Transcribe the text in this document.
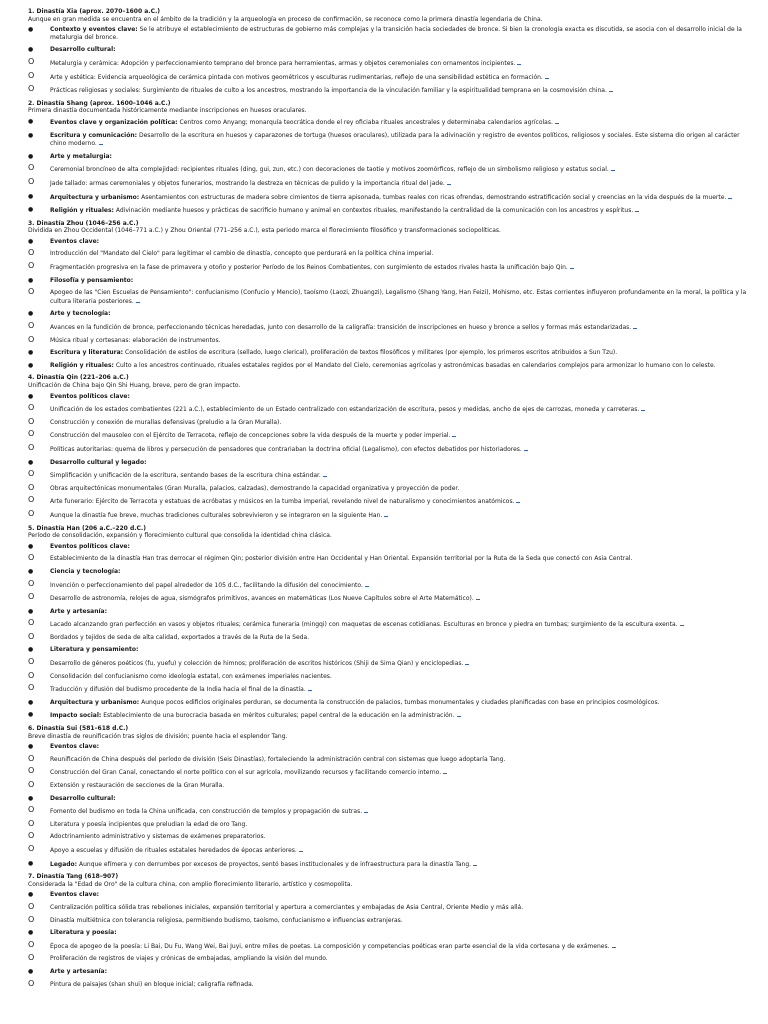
1. Dinastía Xia (aprox. 2070–1600 a.C.)
Aunque en gran medida se encuentra en el ámbito de la tradición y la arqueología en proceso de confirmación, se reconoce como la primera dinastía legendaria de China.
●	Contexto y eventos clave: Se le atribuye el establecimiento de estructuras de gobierno más complejas y la transición hacia sociedades de bronce. Si bien la cronología exacta es discutida, se asocia con el desarrollo inicial de la metalurgia del bronce.
●	Desarrollo cultural:
O	Metalurgia y cerámica: Adopción y perfeccionamiento temprano del bronce para herramientas, armas y objetos ceremoniales con ornamentos incipientes.
O	Arte y estética: Evidencia arqueológica de cerámica pintada con motivos geométricos y esculturas rudimentarias, reflejo de una sensibilidad estética en formación.
O	Prácticas religiosas y sociales: Surgimiento de rituales de culto a los ancestros, mostrando la importancia de la vinculación familiar y la espiritualidad temprana en la cosmovisión china.
2. Dinastía Shang (aprox. 1600–1046 a.C.)
Primera dinastía documentada históricamente mediante inscripciones en huesos oraculares.
●	Eventos clave y organización política: Centros como Anyang; monarquía teocrática donde el rey oficiaba rituales ancestrales y determinaba calendarios agrícolas.
●	Escritura y comunicación: Desarrollo de la escritura en huesos y caparazones de tortuga (huesos oraculares), utilizada para la adivinación y registro de eventos políticos, religiosos y sociales. Este sistema dio origen al carácter chino moderno.
●	Arte y metalurgia:
O	Ceremonial broncíneo de alta complejidad: recipientes rituales (ding, gui, zun, etc.) con decoraciones de taotie y motivos zoomórficos, reflejo de un simbolismo religioso y estatus social.
O	Jade tallado: armas ceremoniales y objetos funerarios, mostrando la destreza en técnicas de pulido y la importancia ritual del jade.
●	Arquitectura y urbanismo: Asentamientos con estructuras de madera sobre cimientos de tierra apisonada, tumbas reales con ricas ofrendas, demostrando estratificación social y creencias en la vida después de la muerte.
●	Religión y rituales: Adivinación mediante huesos y prácticas de sacrificio humano y animal en contextos rituales, manifestando la centralidad de la comunicación con los ancestros y espíritus.
3. Dinastía Zhou (1046–256 a.C.)
Dividida en Zhou Occidental (1046–771 a.C.) y Zhou Oriental (771–256 a.C.), esta periodo marca el florecimiento filosófico y transformaciones sociopolíticas.
●	Eventos clave:
O	Introducción del "Mandato del Cielo" para legitimar el cambio de dinastía, concepto que perdurará en la política china imperial.
O	Fragmentación progresiva en la fase de primavera y otoño y posterior Período de los Reinos Combatientes, con surgimiento de estados rivales hasta la unificación bajo Qin.
●	Filosofía y pensamiento:
O	Apogeo de las "Cien Escuelas de Pensamiento": confucianismo (Confucio y Mencio), taoísmo (Laozi, Zhuangzi), Legalismo (Shang Yang, Han Feizi), Mohismo, etc. Estas corrientes influyeron profundamente en la moral, la política y la cultura literaria posteriores.
●	Arte y tecnología:
O	Avances en la fundición de bronce, perfeccionando técnicas heredadas, junto con desarrollo de la caligrafía: transición de inscripciones en hueso y bronce a sellos y formas más estandarizadas.
O	Música ritual y cortesanas: elaboración de instrumentos.
●	Escritura y literatura: Consolidación de estilos de escritura (sellado, luego clerical), proliferación de textos filosóficos y militares (por ejemplo, los primeros escritos atribuidos a Sun Tzu).
●	Religión y rituales: Culto a los ancestros continuado, rituales estatales regidos por el Mandato del Cielo, ceremonias agrícolas y astronómicas basadas en calendarios complejos para armonizar lo humano con lo celeste.
4. Dinastía Qin (221–206 a.C.)
Unificación de China bajo Qin Shi Huang, breve, pero de gran impacto.
●	Eventos políticos clave:
O	Unificación de los estados combatientes (221 a.C.), establecimiento de un Estado centralizado con estandarización de escritura, pesos y medidas, ancho de ejes de carrozas, moneda y carreteras.
O	Construcción y conexión de murallas defensivas (preludio a la Gran Muralla).
O	Construcción del mausoleo con el Ejército de Terracota, reflejo de concepciones sobre la vida después de la muerte y poder imperial.
O	Políticas autoritarias: quema de libros y persecución de pensadores que contrariaban la doctrina oficial (Legalismo), con efectos debatidos por historiadores.
●	Desarrollo cultural y legado:
O	Simplificación y unificación de la escritura, sentando bases de la escritura china estándar.
O	Obras arquitectónicas monumentales (Gran Muralla, palacios, calzadas), demostrando la capacidad organizativa y proyección de poder.
O	Arte funerario: Ejército de Terracota y estatuas de acróbatas y músicos en la tumba imperial, revelando nivel de naturalismo y conocimientos anatómicos.
O	Aunque la dinastía fue breve, muchas tradiciones culturales sobrevivieron y se integraron en la siguiente Han.
5. Dinastía Han (206 a.C.–220 d.C.)
Período de consolidación, expansión y florecimiento cultural que consolida la identidad china clásica.
●	Eventos políticos clave:
O	Establecimiento de la dinastía Han tras derrocar el régimen Qin; posterior división entre Han Occidental y Han Oriental. Expansión territorial por la Ruta de la Seda que conectó con Asia Central.
●	Ciencia y tecnología:
O	Invención o perfeccionamiento del papel alrededor de 105 d.C., facilitando la difusión del conocimiento.
O	Desarrollo de astronomía, relojes de agua, sismógrafos primitivos, avances en matemáticas (Los Nueve Capítulos sobre el Arte Matemático).
●	Arte y artesanía:
O	Lacado alcanzando gran perfección en vasos y objetos rituales; cerámica funeraria (mingqi) con maquetas de escenas cotidianas. Esculturas en bronce y piedra en tumbas; surgimiento de la escultura exenta.
O	Bordados y tejidos de seda de alta calidad, exportados a través de la Ruta de la Seda.
●	Literatura y pensamiento:
O	Desarrollo de géneros poéticos (fu, yuefu) y colección de himnos; proliferación de escritos históricos (Shiji de Sima Qian) y enciclopedias.
O	Consolidación del confucianismo como ideología estatal, con exámenes imperiales nacientes.
O	Traducción y difusión del budismo procedente de la India hacia el final de la dinastía.
●	Arquitectura y urbanismo: Aunque pocos edificios originales perduran, se documenta la construcción de palacios, tumbas monumentales y ciudades planificadas con base en principios cosmológicos.
●	Impacto social: Establecimiento de una burocracia basada en méritos culturales; papel central de la educación en la administración.
6. Dinastía Sui (581–618 d.C.)
Breve dinastía de reunificación tras siglos de división; puente hacia el esplendor Tang.
●	Eventos clave:
O	Reunificación de China después del período de división (Seis Dinastías), fortaleciendo la administración central con sistemas que luego adoptaría Tang.
O	Construcción del Gran Canal, conectando el norte político con el sur agrícola, movilizando recursos y facilitando comercio interno.
O	Extensión y restauración de secciones de la Gran Muralla.
●	Desarrollo cultural:
O	Fomento del budismo en toda la China unificada, con construcción de templos y propagación de sutras.
O	Literatura y poesía incipientes que preludian la edad de oro Tang.
O	Adoctrinamiento administrativo y sistemas de exámenes preparatorios.
O	Apoyo a escuelas y difusión de rituales estatales heredados de épocas anteriores.
●	Legado: Aunque efímera y con derrumbes por excesos de proyectos, sentó bases institucionales y de infraestructura para la dinastía Tang.
7. Dinastía Tang (618–907)
Considerada la "Edad de Oro" de la cultura china, con amplio florecimiento literario, artístico y cosmopolita.
●	Eventos clave:
O	Centralización política sólida tras rebeliones iniciales, expansión territorial y apertura a comerciantes y embajadas de Asia Central, Oriente Medio y más allá.
O	Dinastía multiétnica con tolerancia religiosa, permitiendo budismo, taoísmo, confucianismo e influencias extranjeras.
●	Literatura y poesía:
O	Época de apogeo de la poesía: Li Bai, Du Fu, Wang Wei, Bai Juyi, entre miles de poetas. La composición y competencias poéticas eran parte esencial de la vida cortesana y de exámenes.
O	Proliferación de registros de viajes y crónicas de embajadas, ampliando la visión del mundo.
●	Arte y artesanía:
O	Pintura de paisajes (shan shui) en bloque inicial; caligrafía refinada.
